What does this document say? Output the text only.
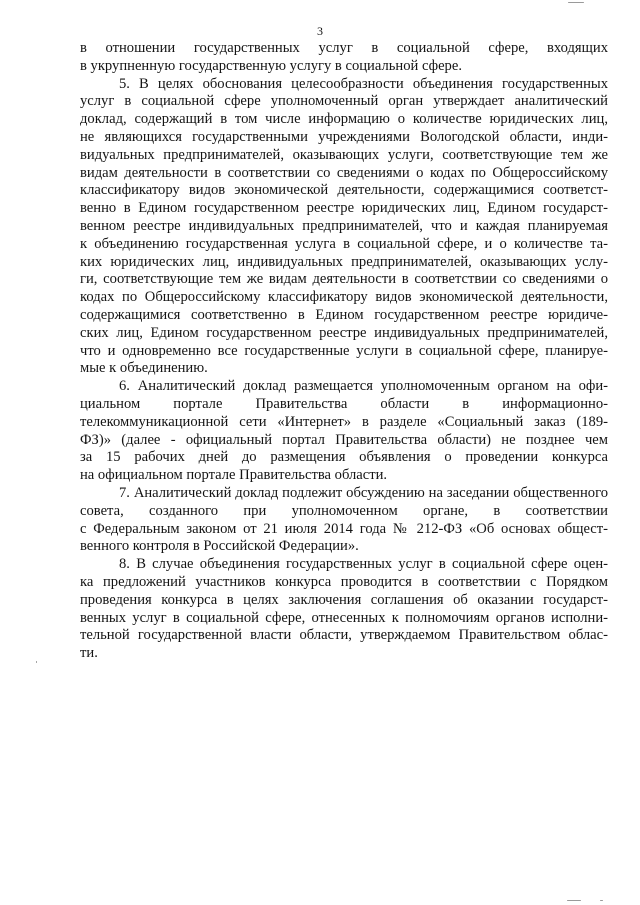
3
в отношении государственных услуг в социальной сфере, входящих
в укрупненную государственную услугу в социальной сфере.
5. В целях обоснования целесообразности объединения государственных
услуг в социальной сфере уполномоченный орган утверждает аналитический
доклад, содержащий в том числе информацию о количестве юридических лиц,
не являющихся государственными учреждениями Вологодской области, инди-
видуальных предпринимателей, оказывающих услуги, соответствующие тем же
видам деятельности в соответствии со сведениями о кодах по Общероссийскому
классификатору видов экономической деятельности, содержащимися соответст-
венно в Едином государственном реестре юридических лиц, Едином государст-
венном реестре индивидуальных предпринимателей, что и каждая планируемая
к объединению государственная услуга в социальной сфере, и о количестве та-
ких юридических лиц, индивидуальных предпринимателей, оказывающих услу-
ги, соответствующие тем же видам деятельности в соответствии со сведениями о
кодах по Общероссийскому классификатору видов экономической деятельности,
содержащимися соответственно в Едином государственном реестре юридиче-
ских лиц, Едином государственном реестре индивидуальных предпринимателей,
что и одновременно все государственные услуги в социальной сфере, планируе-
мые к объединению.
6. Аналитический доклад размещается уполномоченным органом на офи-
циальном портале Правительства области в информационно-
телекоммуникационной сети «Интернет» в разделе «Социальный заказ (189-
ФЗ)» (далее - официальный портал Правительства области) не позднее чем
за 15 рабочих дней до размещения объявления о проведении конкурса
на официальном портале Правительства области.
7. Аналитический доклад подлежит обсуждению на заседании общественного
совета, созданного при уполномоченном органе, в соответствии
с Федеральным законом от 21 июля 2014 года № 212-ФЗ «Об основах общест-
венного контроля в Российской Федерации».
8. В случае объединения государственных услуг в социальной сфере оцен-
ка предложений участников конкурса проводится в соответствии с Порядком
проведения конкурса в целях заключения соглашения об оказании государст-
венных услуг в социальной сфере, отнесенных к полномочиям органов исполни-
тельной государственной власти области, утверждаемом Правительством облас-
ти.
